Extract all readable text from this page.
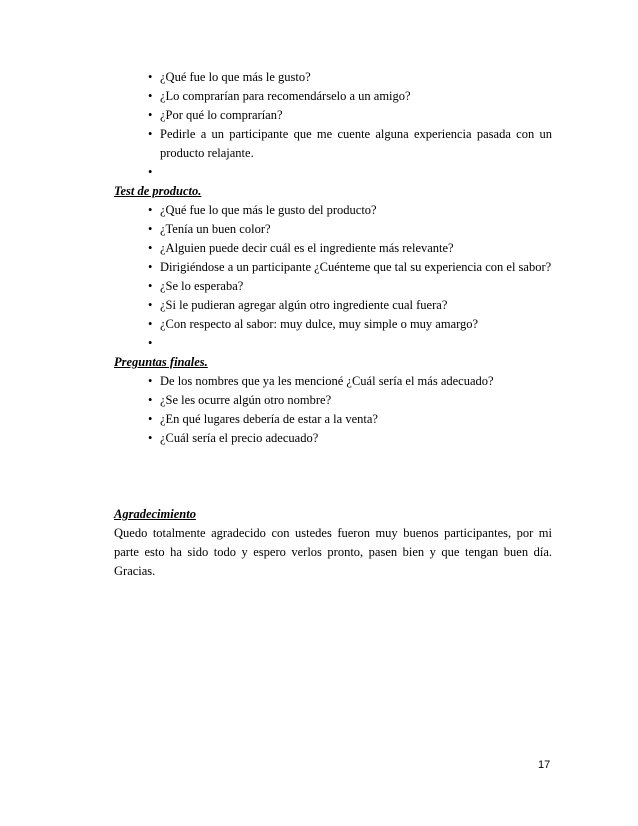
• ¿Qué fue lo que más le gusto?
• ¿Lo comprarían para recomendárselo a un amigo?
• ¿Por qué lo comprarían?
• Pedirle a un participante que me cuente alguna experiencia pasada con un producto relajante.
•

Test de producto.

• ¿Qué fue lo que más le gusto del producto?
• ¿Tenía un buen color?
• ¿Alguien puede decir cuál es el ingrediente más relevante?
• Dirigiéndose a un participante ¿Cuénteme que tal su experiencia con el sabor?
• ¿Se lo esperaba?
• ¿Si le pudieran agregar algún otro ingrediente cual fuera?
• ¿Con respecto al sabor: muy dulce, muy simple o muy amargo?
•

Preguntas finales.

• De los nombres que ya les mencioné ¿Cuál sería el más adecuado?
• ¿Se les ocurre algún otro nombre?
• ¿En qué lugares debería de estar a la venta?
• ¿Cuál sería el precio adecuado?

Agradecimiento

Quedo totalmente agradecido con ustedes fueron muy buenos participantes, por mi parte esto ha sido todo y espero verlos pronto, pasen bien y que tengan buen día. Gracias.

17
